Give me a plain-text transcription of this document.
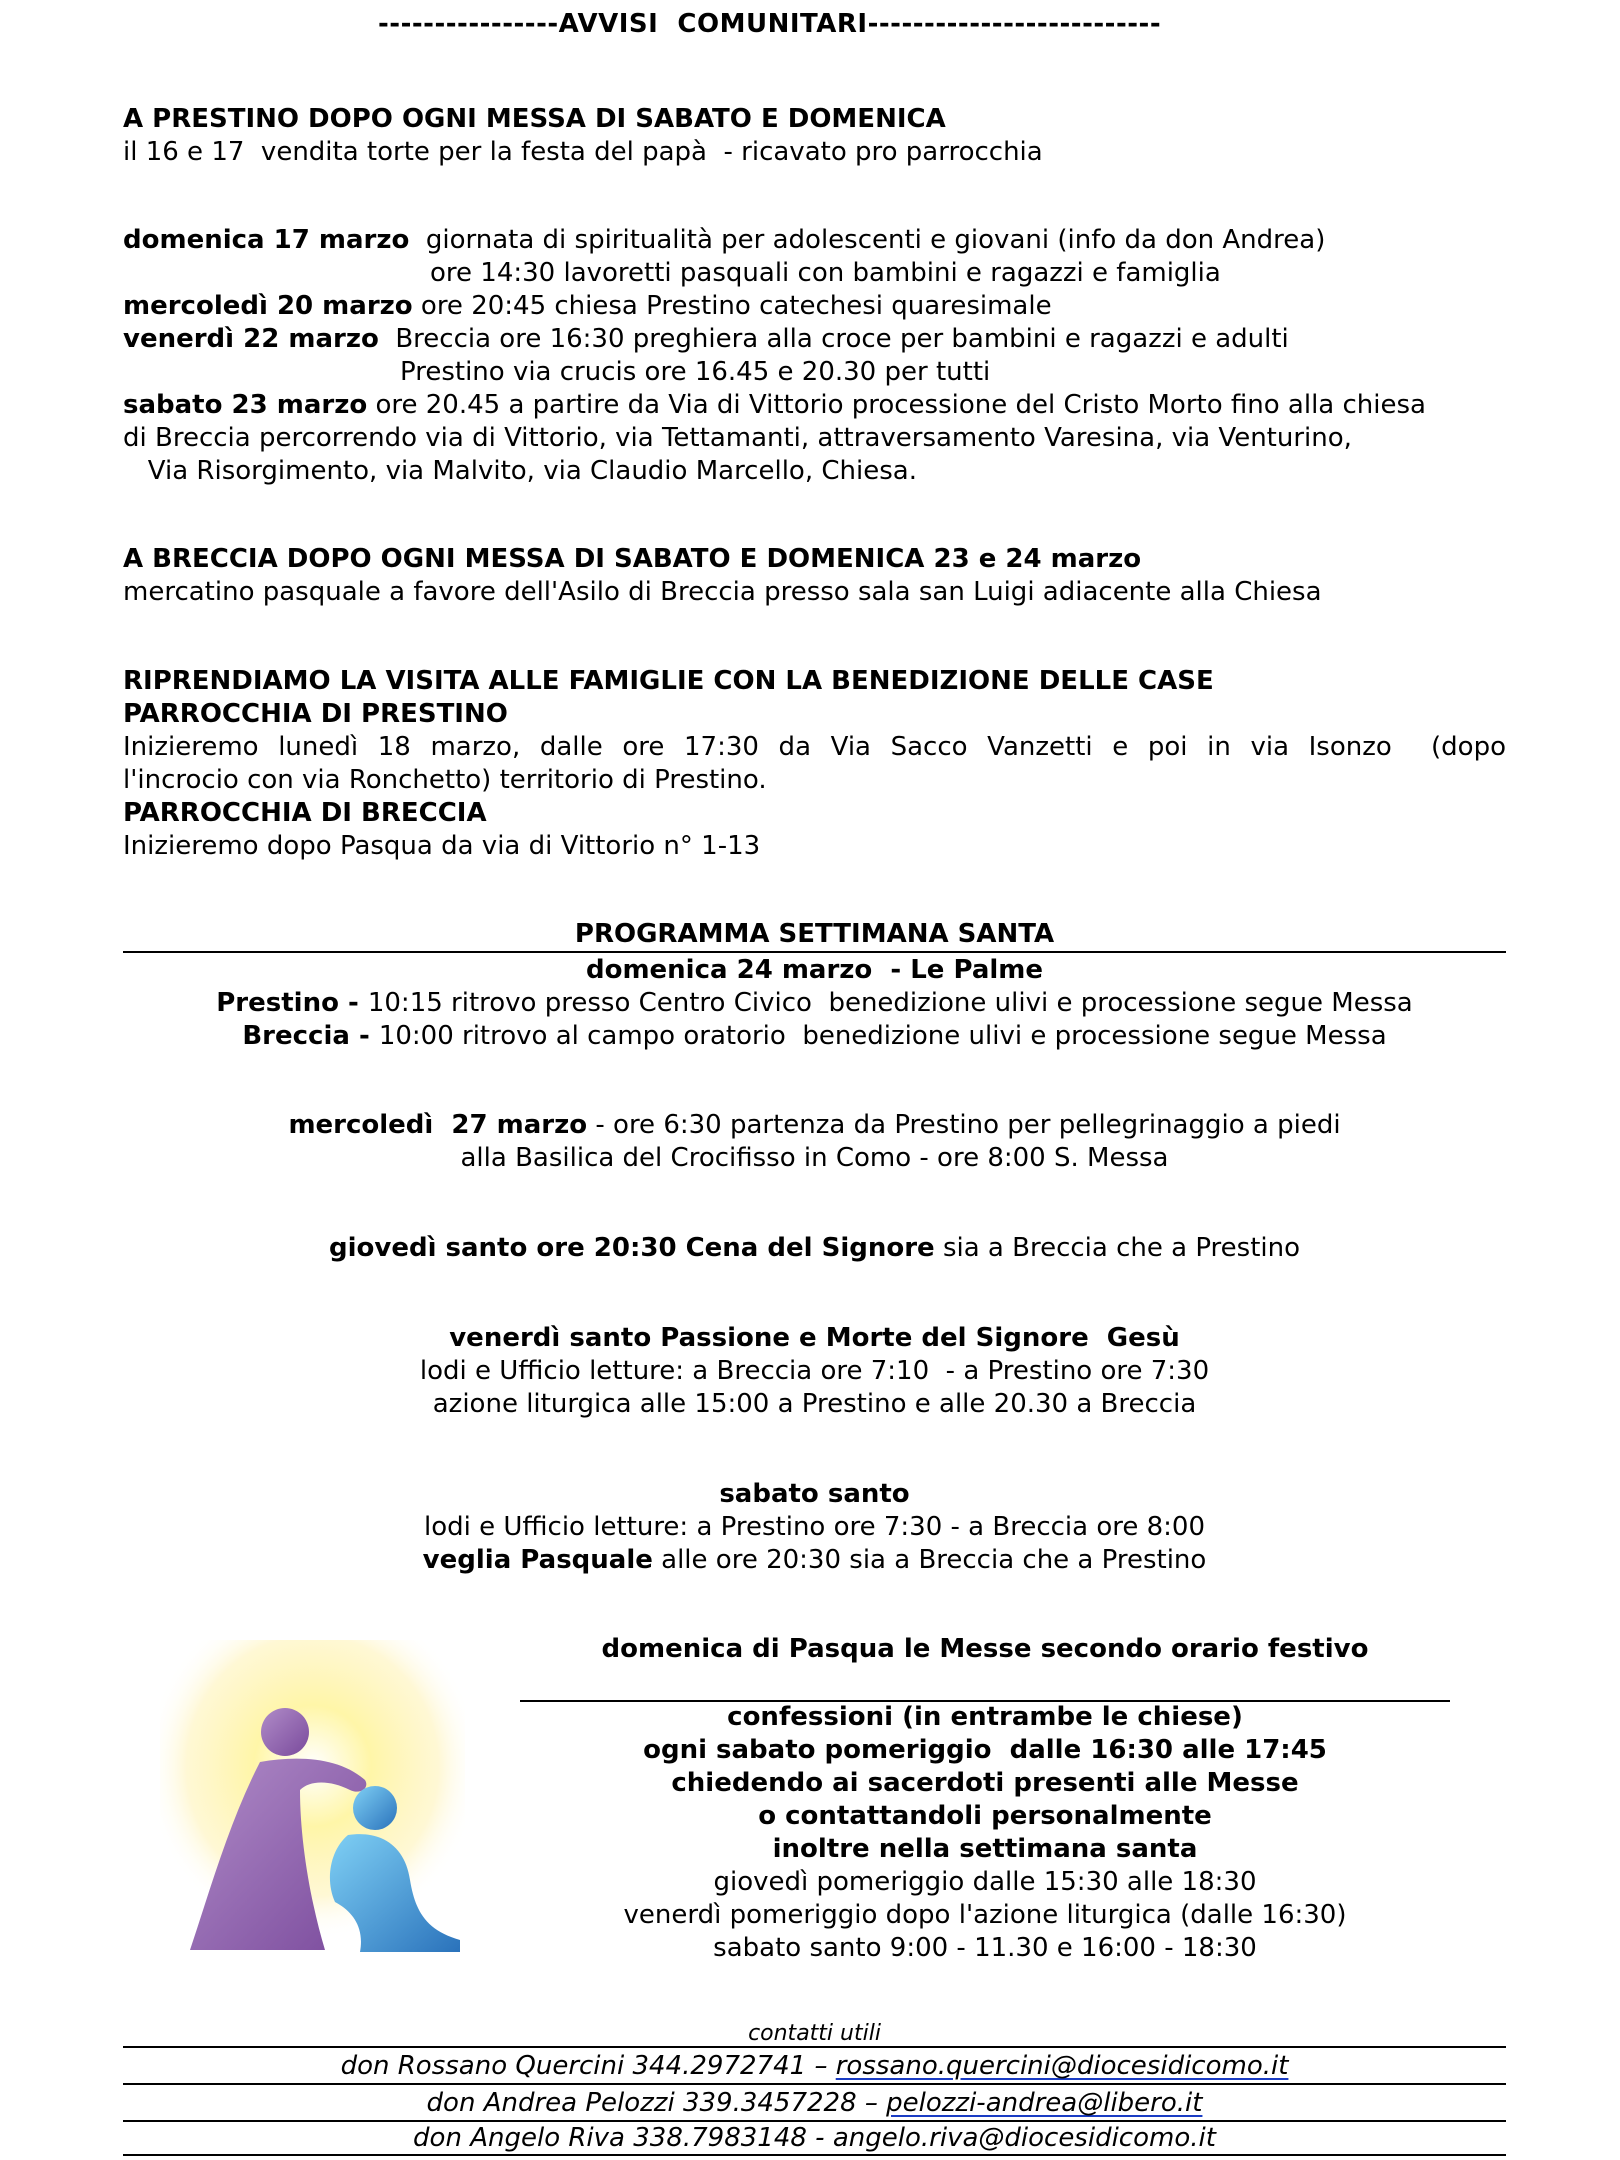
----------------AVVISI  COMUNITARI--------------------------
A PRESTINO DOPO OGNI MESSA DI SABATO E DOMENICA
il 16 e 17  vendita torte per la festa del papà  - ricavato pro parrocchia
domenica 17 marzo  giornata di spiritualità per adolescenti e giovani (info da don Andrea)
ore 14:30 lavoretti pasquali con bambini e ragazzi e famiglia
mercoledì 20 marzo ore 20:45 chiesa Prestino catechesi quaresimale
venerdì 22 marzo  Breccia ore 16:30 preghiera alla croce per bambini e ragazzi e adulti
Prestino via crucis ore 16.45 e 20.30 per tutti
sabato 23 marzo ore 20.45 a partire da Via di Vittorio processione del Cristo Morto fino alla chiesa
di Breccia percorrendo via di Vittorio, via Tettamanti, attraversamento Varesina, via Venturino,
Via Risorgimento, via Malvito, via Claudio Marcello, Chiesa.
A BRECCIA DOPO OGNI MESSA DI SABATO E DOMENICA 23 e 24 marzo
mercatino pasquale a favore dell'Asilo di Breccia presso sala san Luigi adiacente alla Chiesa
RIPRENDIAMO LA VISITA ALLE FAMIGLIE CON LA BENEDIZIONE DELLE CASE
PARROCCHIA DI PRESTINO
Inizieremo lunedì 18 marzo, dalle ore 17:30 da Via Sacco Vanzetti e poi in via Isonzo  (dopo
l'incrocio con via Ronchetto) territorio di Prestino.
PARROCCHIA DI BRECCIA
Inizieremo dopo Pasqua da via di Vittorio n° 1-13
PROGRAMMA SETTIMANA SANTA
domenica 24 marzo  - Le Palme
Prestino - 10:15 ritrovo presso Centro Civico  benedizione ulivi e processione segue Messa
Breccia - 10:00 ritrovo al campo oratorio  benedizione ulivi e processione segue Messa
mercoledì  27 marzo - ore 6:30 partenza da Prestino per pellegrinaggio a piedi
alla Basilica del Crocifisso in Como - ore 8:00 S. Messa
giovedì santo ore 20:30 Cena del Signore sia a Breccia che a Prestino
venerdì santo Passione e Morte del Signore  Gesù
lodi e Ufficio letture: a Breccia ore 7:10  - a Prestino ore 7:30
azione liturgica alle 15:00 a Prestino e alle 20.30 a Breccia
sabato santo
lodi e Ufficio letture: a Prestino ore 7:30 - a Breccia ore 8:00
veglia Pasquale alle ore 20:30 sia a Breccia che a Prestino
domenica di Pasqua le Messe secondo orario festivo
confessioni (in entrambe le chiese)
ogni sabato pomeriggio  dalle 16:30 alle 17:45
chiedendo ai sacerdoti presenti alle Messe
o contattandoli personalmente
inoltre nella settimana santa
giovedì pomeriggio dalle 15:30 alle 18:30
venerdì pomeriggio dopo l'azione liturgica (dalle 16:30)
sabato santo 9:00 - 11.30 e 16:00 - 18:30
contatti utili
don Rossano Quercini 344.2972741 – rossano.quercini@diocesidicomo.it
don Andrea Pelozzi 339.3457228 – pelozzi-andrea@libero.it
don Angelo Riva 338.7983148 - angelo.riva@diocesidicomo.it
